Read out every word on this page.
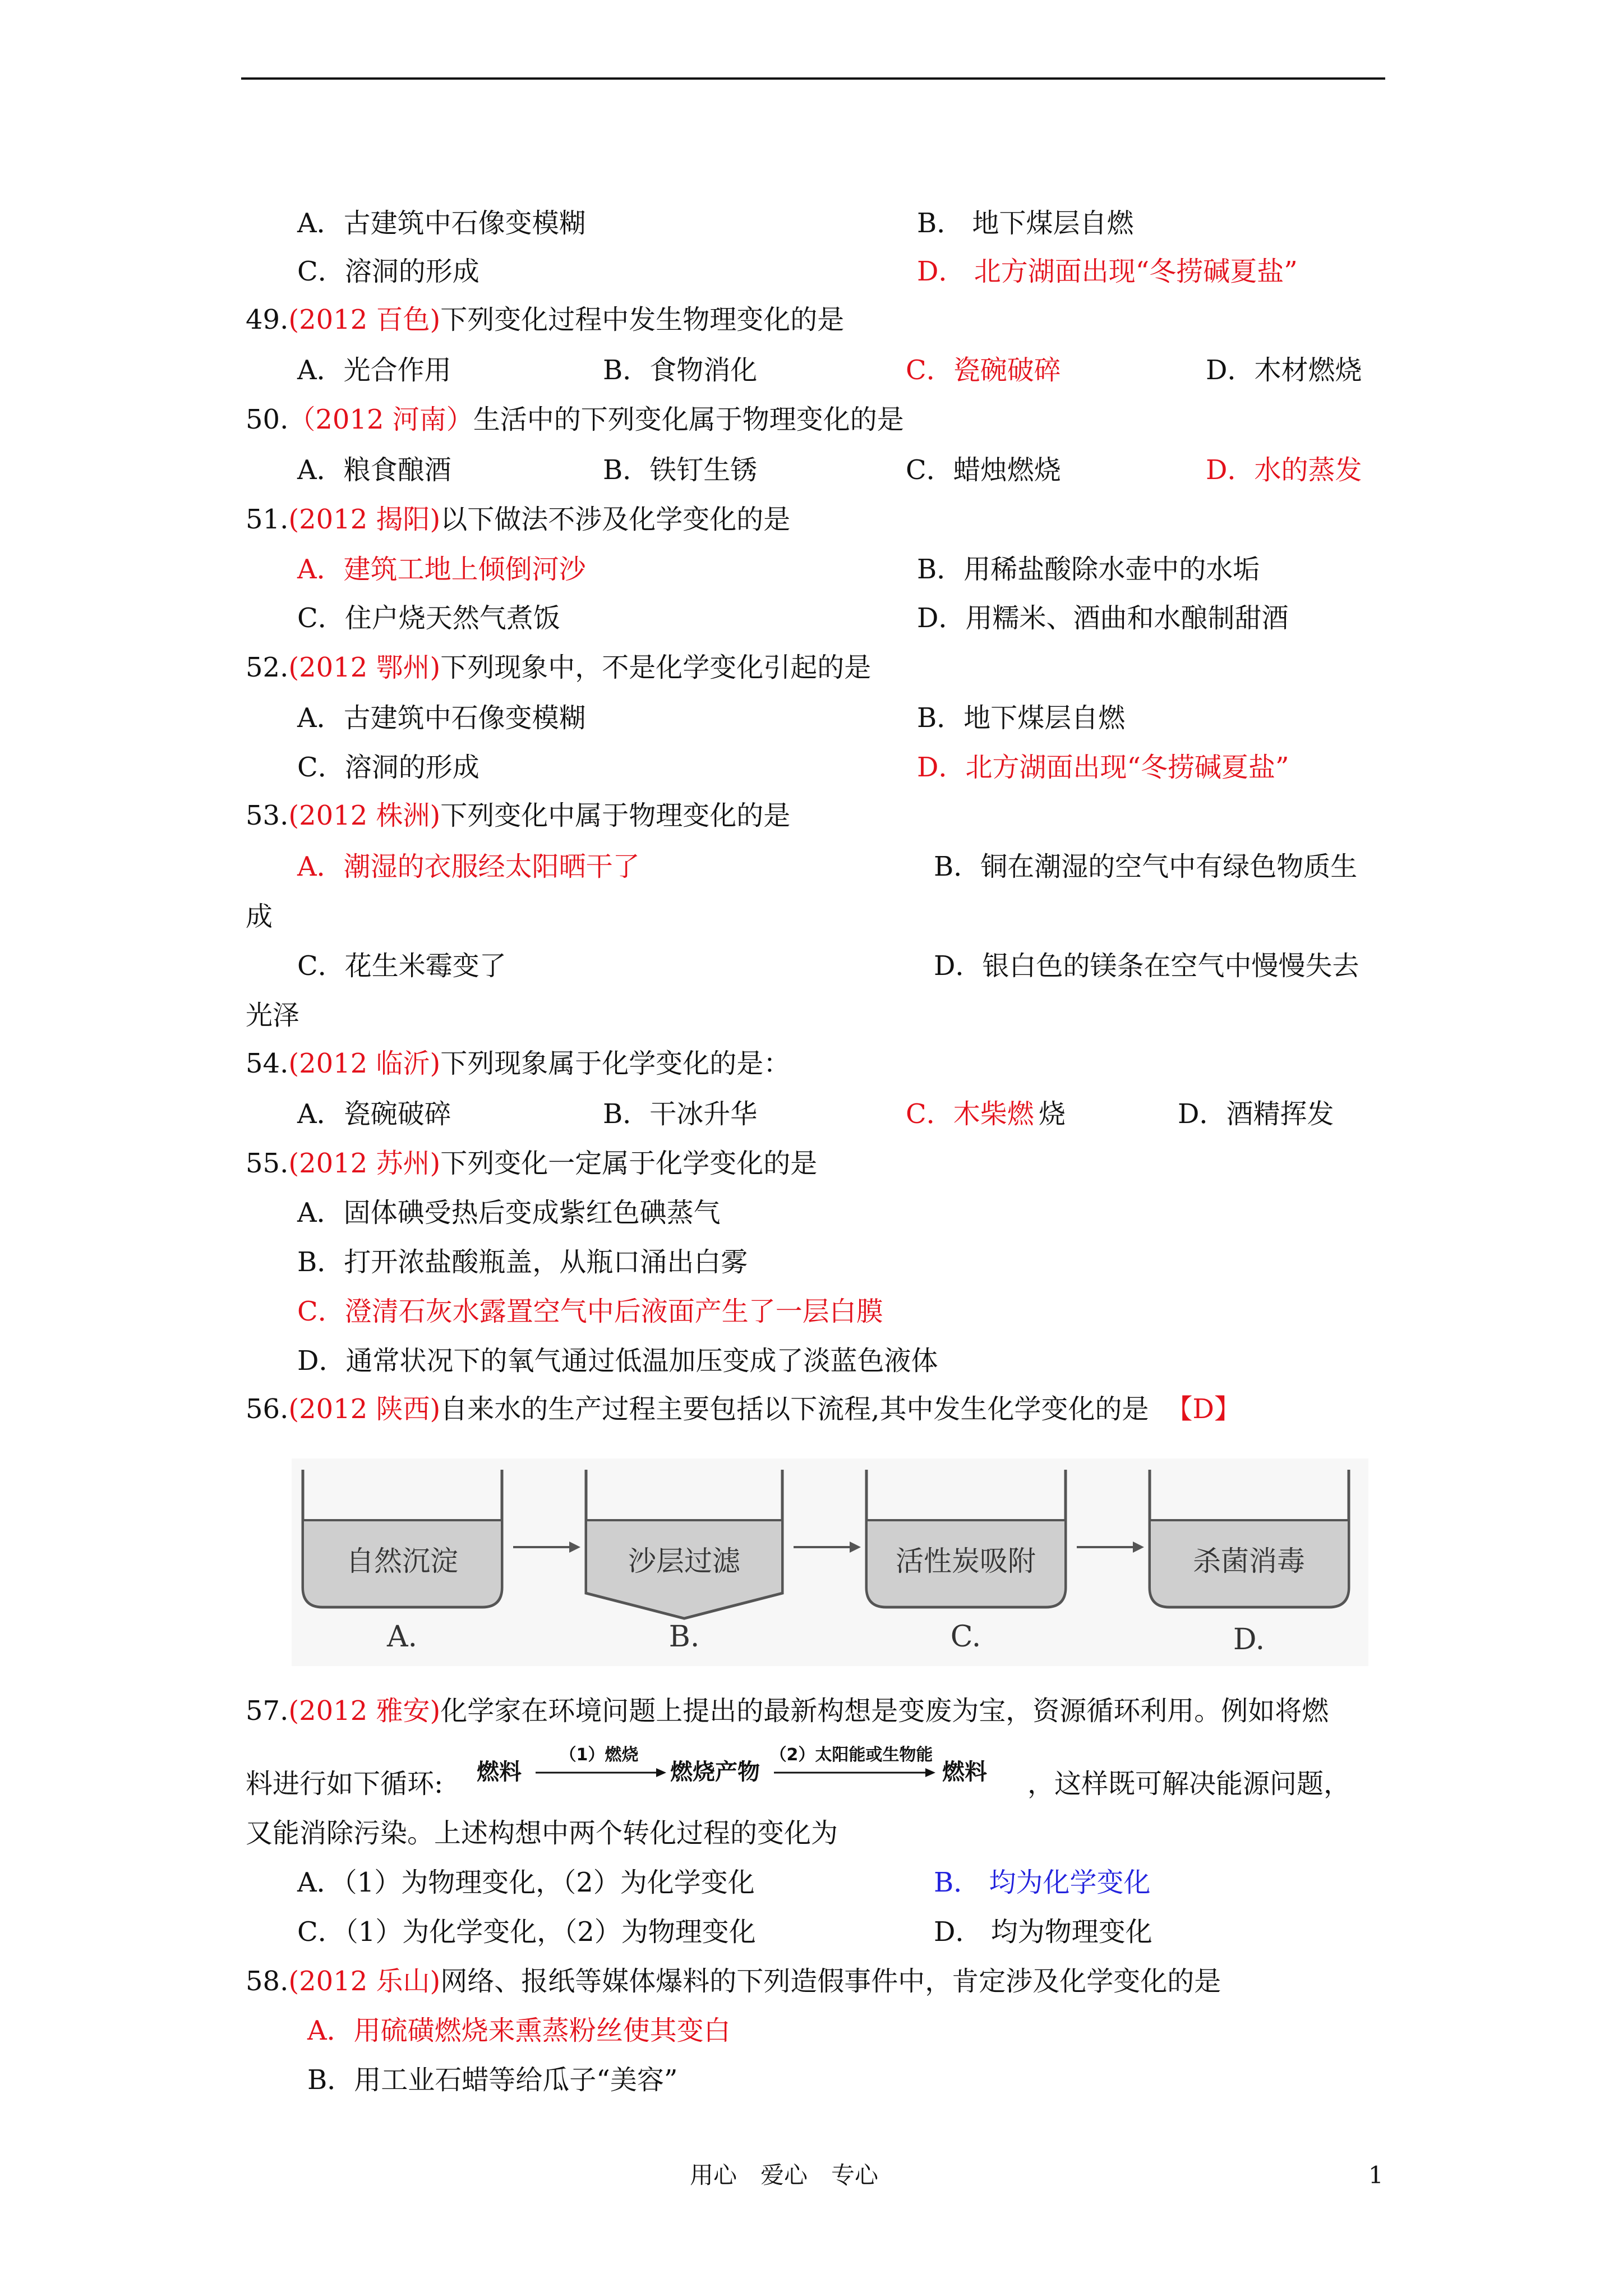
A．古建筑中石像变模糊	B． 地下煤层自燃
C．溶洞的形成	D． 北方湖面出现“冬捞碱夏盐”
49.(2012 百色)下列变化过程中发生物理变化的是
A．光合作用	B．食物消化	C．瓷碗破碎	D．木材燃烧
50.（2012 河南）生活中的下列变化属于物理变化的是
A．粮食酿酒	B．铁钉生锈	C．蜡烛燃烧	D．水的蒸发
51.(2012 揭阳)以下做法不涉及化学变化的是
A．建筑工地上倾倒河沙	B．用稀盐酸除水壶中的水垢
C．住户烧天然气煮饭	D．用糯米、酒曲和水酿制甜酒
52.(2012 鄂州)下列现象中，不是化学变化引起的是
A．古建筑中石像变模糊	B．地下煤层自燃
C．溶洞的形成	D．北方湖面出现“冬捞碱夏盐”
53.(2012 株洲)下列变化中属于物理变化的是
A．潮湿的衣服经太阳晒干了	B．铜在潮湿的空气中有绿色物质生
成
C．花生米霉变了	D．银白色的镁条在空气中慢慢失去
光泽
54.(2012 临沂)下列现象属于化学变化的是：
A．瓷碗破碎	B．干冰升华	C．木柴燃 烧	D．酒精挥发
55.(2012 苏州)下列变化一定属于化学变化的是
A．固体碘受热后变成紫红色碘蒸气
B．打开浓盐酸瓶盖，从瓶口涌出白雾
C．澄清石灰水露置空气中后液面产生了一层白膜
D．通常状况下的氧气通过低温加压变成了淡蓝色液体
56.(2012 陕西)自来水的生产过程主要包括以下流程,其中发生化学变化的是 【D】
57.(2012 雅安)化学家在环境问题上提出的最新构想是变废为宝，资源循环利用。例如将燃
料进行如下循环:	，这样既可解决能源问题，
又能消除污染。上述构想中两个转化过程的变化为
A．（1）为物理变化，（2）为化学变化	B． 均为化学变化
C．（1）为化学变化，（2）为物理变化	D． 均为物理变化
58.(2012 乐山)网络、报纸等媒体爆料的下列造假事件中，肯定涉及化学变化的是
A．用硫磺燃烧来熏蒸粉丝使其变白
B．用工业石蜡等给瓜子“美容”
自然沉淀
A.
沙层过滤
B.
活性炭吸附
C.
杀菌消毒
D.
燃料
（1）燃烧
燃烧产物
（2）太阳能或生物能
燃料
用心　爱心　专心	1
